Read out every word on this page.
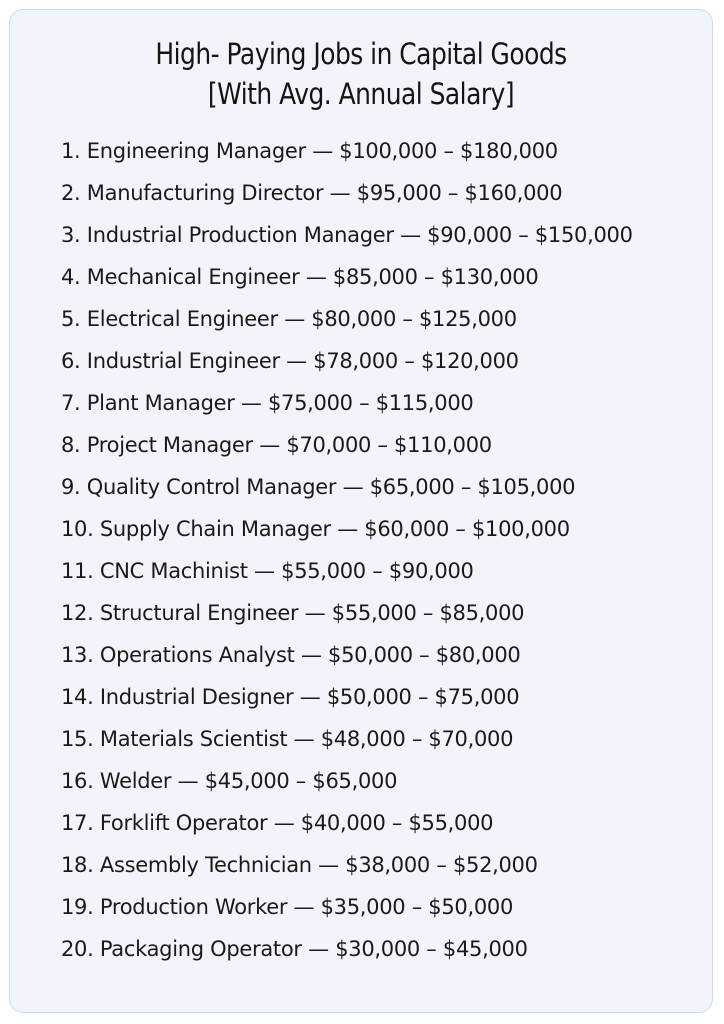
High- Paying Jobs in Capital Goods
[With Avg. Annual Salary]
1. Engineering Manager — $100,000 – $180,000
2. Manufacturing Director — $95,000 – $160,000
3. Industrial Production Manager — $90,000 – $150,000
4. Mechanical Engineer — $85,000 – $130,000
5. Electrical Engineer — $80,000 – $125,000
6. Industrial Engineer — $78,000 – $120,000
7. Plant Manager — $75,000 – $115,000
8. Project Manager — $70,000 – $110,000
9. Quality Control Manager — $65,000 – $105,000
10. Supply Chain Manager — $60,000 – $100,000
11. CNC Machinist — $55,000 – $90,000
12. Structural Engineer — $55,000 – $85,000
13. Operations Analyst — $50,000 – $80,000
14. Industrial Designer — $50,000 – $75,000
15. Materials Scientist — $48,000 – $70,000
16. Welder — $45,000 – $65,000
17. Forklift Operator — $40,000 – $55,000
18. Assembly Technician — $38,000 – $52,000
19. Production Worker — $35,000 – $50,000
20. Packaging Operator — $30,000 – $45,000
